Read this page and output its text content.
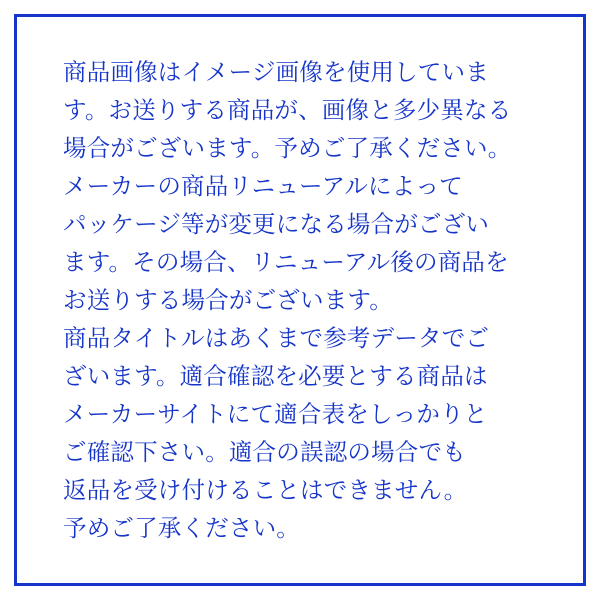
商品画像はイメージ画像を使用していま
す。お送りする商品が、画像と多少異なる
場合がございます。予めご了承ください。
メーカーの商品リニューアルによって
パッケージ等が変更になる場合がござい
ます。その場合、リニューアル後の商品を
お送りする場合がございます。
商品タイトルはあくまで参考データでご
ざいます。適合確認を必要とする商品は
メーカーサイトにて適合表をしっかりと
ご確認下さい。適合の誤認の場合でも
返品を受け付けることはできません。
予めご了承ください。
